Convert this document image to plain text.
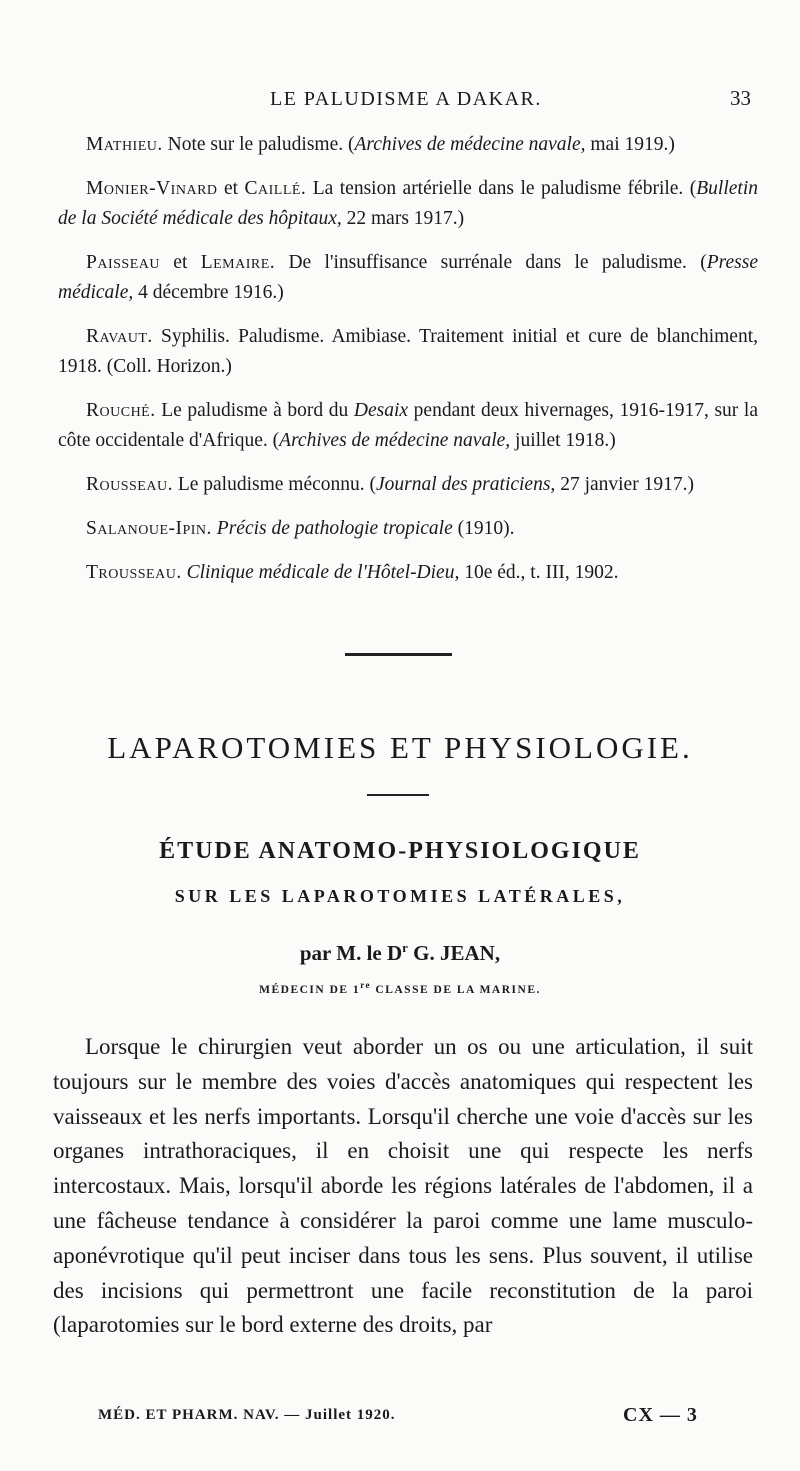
LE PALUDISME A DAKAR.	33

Mathieu. Note sur le paludisme. (Archives de médecine navale, mai 1919.)

Monier-Vinard et Caillé. La tension artérielle dans le paludisme fébrile. (Bulletin de la Société médicale des hôpitaux, 22 mars 1917.)

Paisseau et Lemaire. De l'insuffisance surrénale dans le paludisme. (Presse médicale, 4 décembre 1916.)

Ravaut. Syphilis. Paludisme. Amibiase. Traitement initial et cure de blanchiment, 1918. (Coll. Horizon.)

Rouché. Le paludisme à bord du Desaix pendant deux hivernages, 1916-1917, sur la côte occidentale d'Afrique. (Archives de médecine navale, juillet 1918.)

Rousseau. Le paludisme méconnu. (Journal des praticiens, 27 janvier 1917.)

Salanoue-Ipin. Précis de pathologie tropicale (1910).

Trousseau. Clinique médicale de l'Hôtel-Dieu, 10e éd., t. III, 1902.

LAPAROTOMIES ET PHYSIOLOGIE.
ÉTUDE ANATOMO-PHYSIOLOGIQUE
SUR LES LAPAROTOMIES LATÉRALES,
par M. le $D^r$ G. JEAN,
MÉDECIN DE 1re CLASSE DE LA MARINE.

Lorsque le chirurgien veut aborder un os ou une articulation, il suit toujours sur le membre des voies d'accès anatomiques qui respectent les vaisseaux et les nerfs importants. Lorsqu'il cherche une voie d'accès sur les organes intrathoraciques, il en choisit une qui respecte les nerfs intercostaux. Mais, lorsqu'il aborde les régions latérales de l'abdomen, il a une fâcheuse tendance à considérer la paroi comme une lame musculo-aponévrotique qu'il peut inciser dans tous les sens. Plus souvent, il utilise des incisions qui permettront une facile reconstitution de la paroi (laparotomies sur le bord externe des droits, par

MÉD. ET PHARM. NAV. — Juillet 1920.	CX — 3
